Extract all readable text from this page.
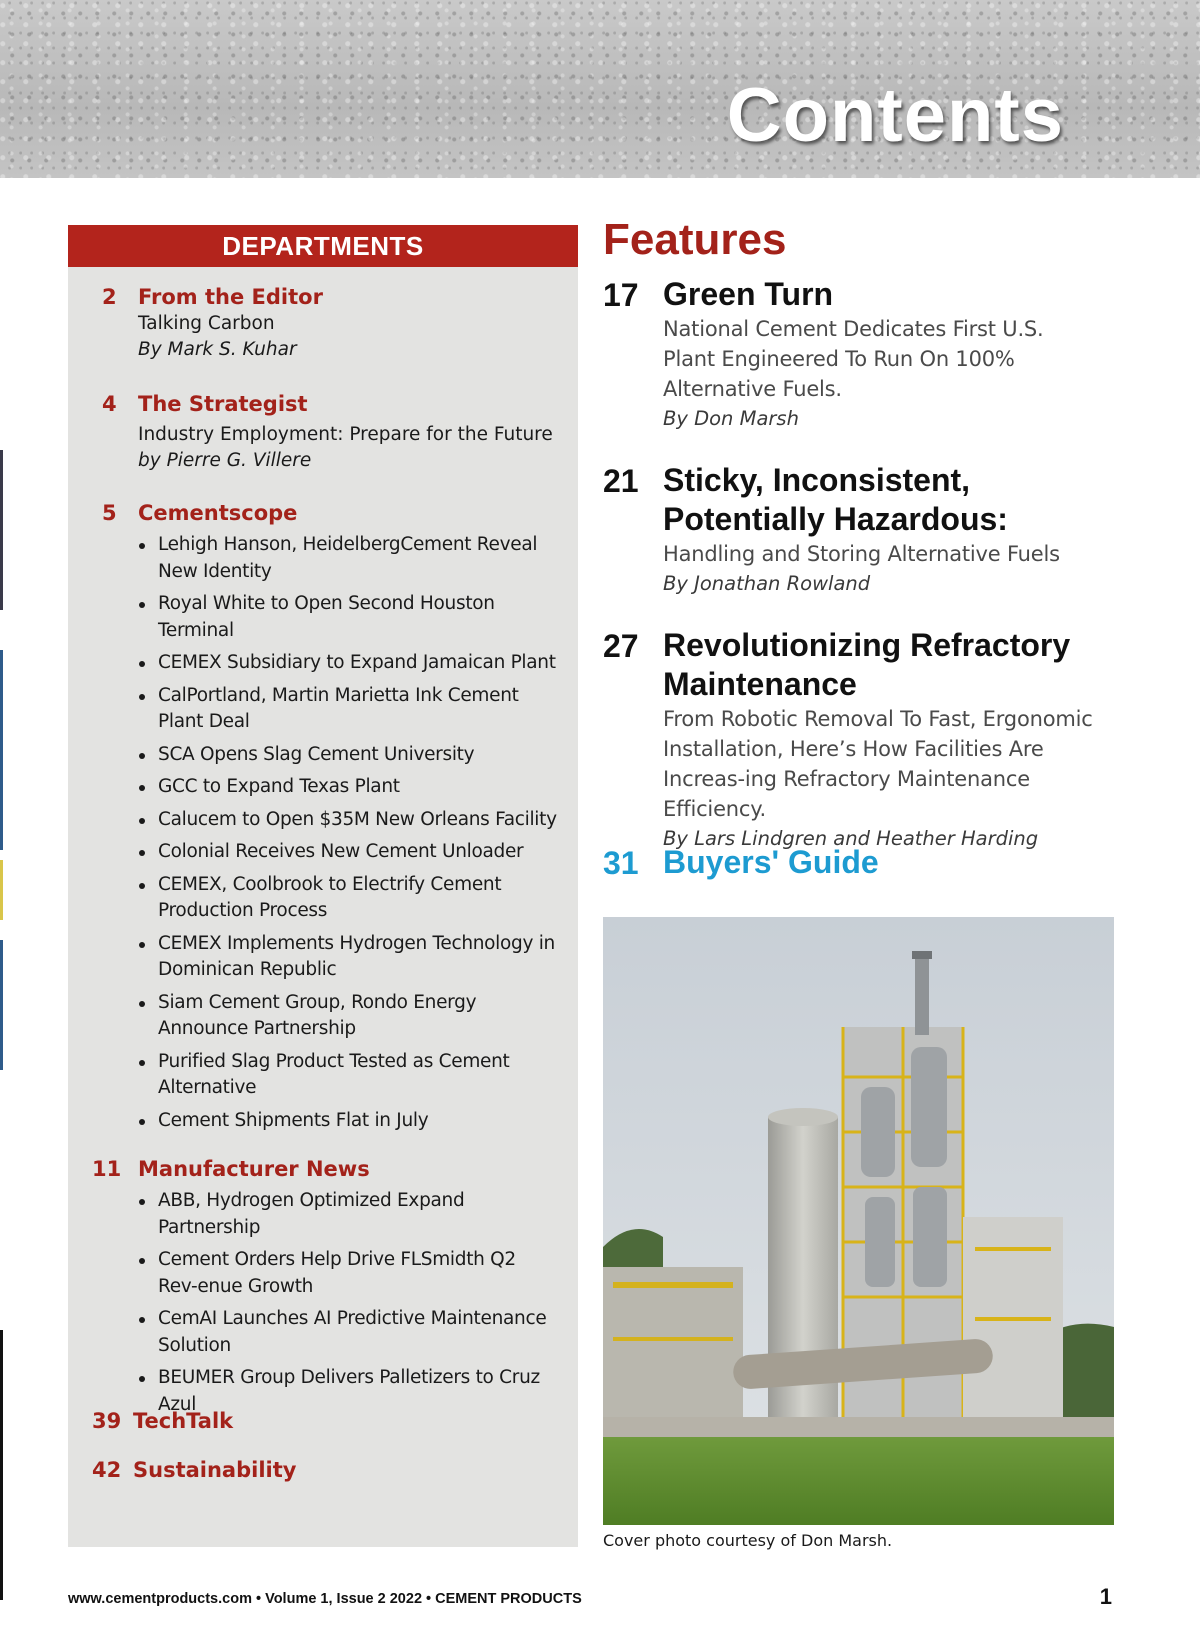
Contents
DEPARTMENTS
2 From the Editor
Talking Carbon
By Mark S. Kuhar
4 The Strategist
Industry Employment: Prepare for the Future
by Pierre G. Villere
5 Cementscope
Lehigh Hanson, HeidelbergCement Reveal New Identity
Royal White to Open Second Houston Terminal
CEMEX Subsidiary to Expand Jamaican Plant
CalPortland, Martin Marietta Ink Cement Plant Deal
SCA Opens Slag Cement University
GCC to Expand Texas Plant
Calucem to Open $35M New Orleans Facility
Colonial Receives New Cement Unloader
CEMEX, Coolbrook to Electrify Cement Production Process
CEMEX Implements Hydrogen Technology in Dominican Republic
Siam Cement Group, Rondo Energy Announce Partnership
Purified Slag Product Tested as Cement Alternative
Cement Shipments Flat in July
11 Manufacturer News
ABB, Hydrogen Optimized Expand Partnership
Cement Orders Help Drive FLSmidth Q2 Rev-enue Growth
CemAI Launches AI Predictive Maintenance Solution
BEUMER Group Delivers Palletizers to Cruz Azul
39 TechTalk
42 Sustainability
Features
17 Green Turn
National Cement Dedicates First U.S. Plant Engineered To Run On 100% Alternative Fuels.
By Don Marsh
21 Sticky, Inconsistent, Potentially Hazardous:
Handling and Storing Alternative Fuels
By Jonathan Rowland
27 Revolutionizing Refractory Maintenance
From Robotic Removal To Fast, Ergonomic Installation, Here’s How Facilities Are Increas-ing Refractory Maintenance Efficiency.
By Lars Lindgren and Heather Harding
31 Buyers' Guide
Cover photo courtesy of Don Marsh.
www.cementproducts.com • Volume 1, Issue 2 2022 • CEMENT PRODUCTS	1
